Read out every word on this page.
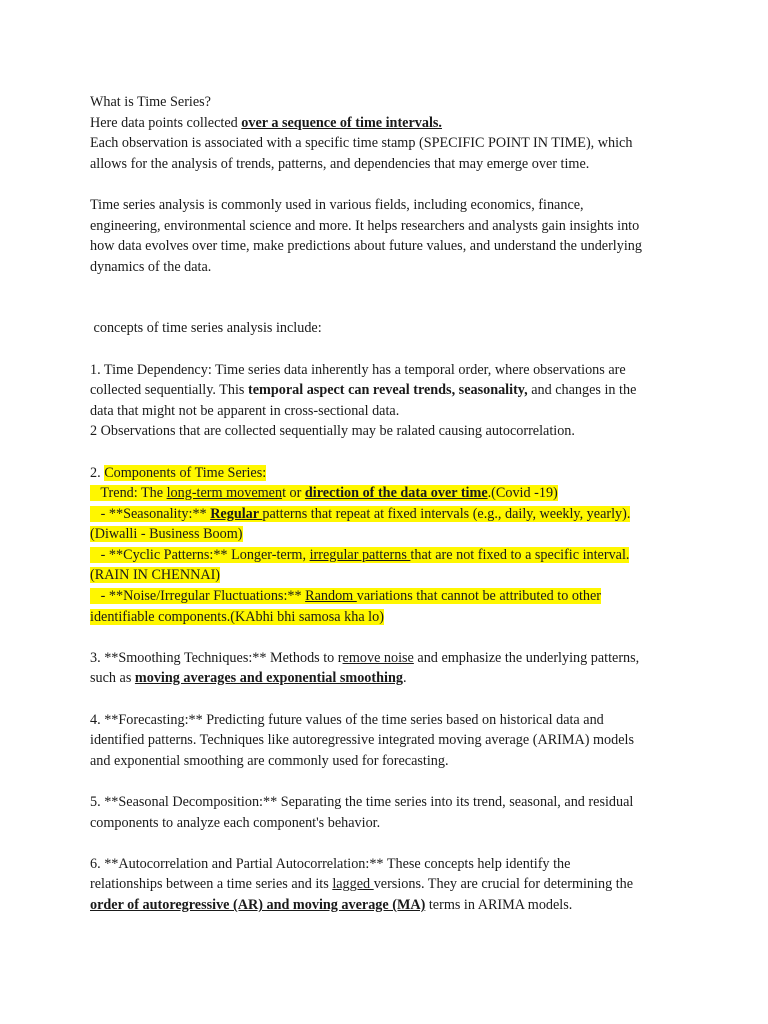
What is Time Series?

Here data points collected over a sequence of time intervals.

Each observation is associated with a specific time stamp (SPECIFIC POINT IN TIME), which

allows for the analysis of trends, patterns, and dependencies that may emerge over time.

Time series analysis is commonly used in various fields, including economics, finance,

engineering, environmental science and more. It helps researchers and analysts gain insights into

how data evolves over time, make predictions about future values, and understand the underlying

dynamics of the data.

concepts of time series analysis include:

1. Time Dependency: Time series data inherently has a temporal order, where observations are

collected sequentially. This temporal aspect can reveal trends, seasonality, and changes in the

data that might not be apparent in cross-sectional data.

2 Observations that are collected sequentially may be ralated causing autocorrelation.

2. Components of Time Series:

Trend: The long-term movement or direction of the data over time.(Covid -19)

- **Seasonality:** Regular patterns that repeat at fixed intervals (e.g., daily, weekly, yearly).

(Diwalli - Business Boom)

- **Cyclic Patterns:** Longer-term, irregular patterns that are not fixed to a specific interval.

(RAIN IN CHENNAI)

- **Noise/Irregular Fluctuations:** Random variations that cannot be attributed to other

identifiable components.(KAbhi bhi samosa kha lo)

3. **Smoothing Techniques:** Methods to remove noise and emphasize the underlying patterns,

such as moving averages and exponential smoothing.

4. **Forecasting:** Predicting future values of the time series based on historical data and

identified patterns. Techniques like autoregressive integrated moving average (ARIMA) models

and exponential smoothing are commonly used for forecasting.

5. **Seasonal Decomposition:** Separating the time series into its trend, seasonal, and residual

components to analyze each component's behavior.

6. **Autocorrelation and Partial Autocorrelation:** These concepts help identify the

relationships between a time series and its lagged versions. They are crucial for determining the

order of autoregressive (AR) and moving average (MA) terms in ARIMA models.
